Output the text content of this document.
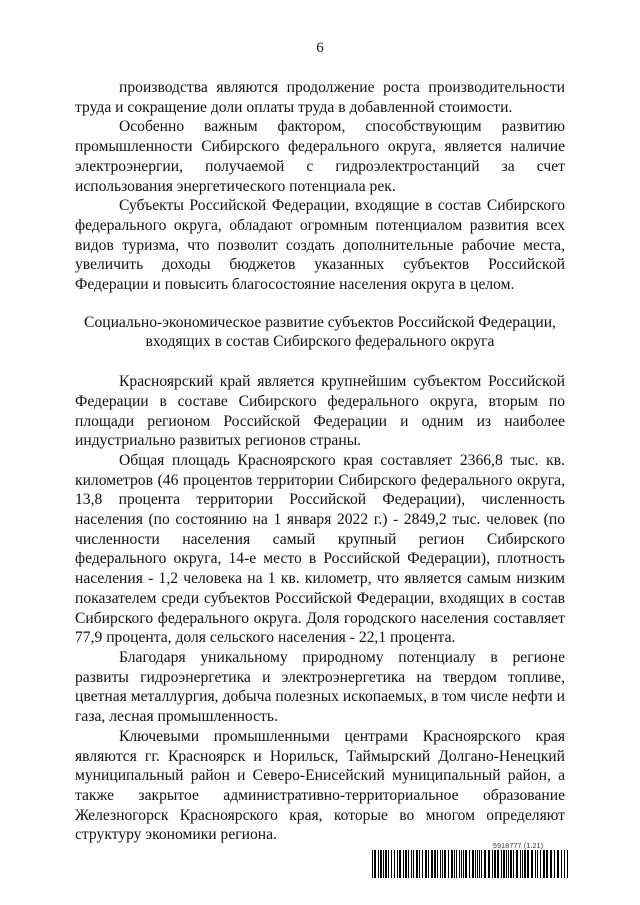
6

производства являются продолжение роста производительности труда и сокращение доли оплаты труда в добавленной стоимости.

Особенно важным фактором, способствующим развитию промышленности Сибирского федерального округа, является наличие электроэнергии, получаемой с гидроэлектростанций за счет использования энергетического потенциала рек.

Субъекты Российской Федерации, входящие в состав Сибирского федерального округа, обладают огромным потенциалом развития всех видов туризма, что позволит создать дополнительные рабочие места, увеличить доходы бюджетов указанных субъектов Российской Федерации и повысить благосостояние населения округа в целом.

Социально-экономическое развитие субъектов Российской Федерации,
входящих в состав Сибирского федерального округа

Красноярский край является крупнейшим субъектом Российской Федерации в составе Сибирского федерального округа, вторым по площади регионом Российской Федерации и одним из наиболее индустриально развитых регионов страны.

Общая площадь Красноярского края составляет 2366,8 тыс. кв. километров (46 процентов территории Сибирского федерального округа, 13,8 процента территории Российской Федерации), численность населения (по состоянию на 1 января 2022 г.) - 2849,2 тыс. человек (по численности населения самый крупный регион Сибирского федерального округа, 14-е место в Российской Федерации), плотность населения - 1,2 человека на 1 кв. километр, что является самым низким показателем среди субъектов Российской Федерации, входящих в состав Сибирского федерального округа. Доля городского населения составляет 77,9 процента, доля сельского населения - 22,1 процента.

Благодаря уникальному природному потенциалу в регионе развиты гидроэнергетика и электроэнергетика на твердом топливе, цветная металлургия, добыча полезных ископаемых, в том числе нефти и газа, лесная промышленность.

Ключевыми промышленными центрами Красноярского края являются гг. Красноярск и Норильск, Таймырский Долгано-Ненецкий муниципальный район и Северо-Енисейский муниципальный район, а также закрытое административно-территориальное образование Железногорск Красноярского края, которые во многом определяют структуру экономики региона.

5918777 (1.21)
